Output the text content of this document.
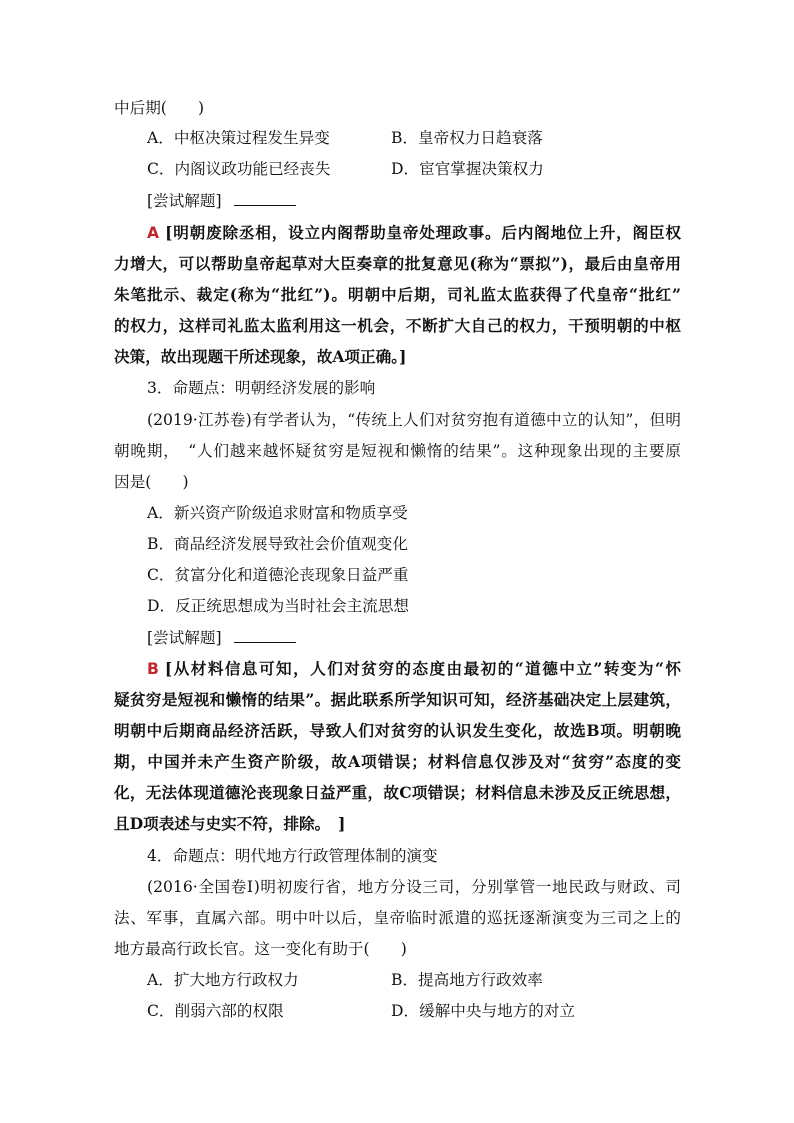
中后期(　　)
A．中枢决策过程发生异变	B．皇帝权力日趋衰落
C．内阁议政功能已经丧失	D．宦官掌握决策权力
[尝试解题]
A [明朝废除丞相，设立内阁帮助皇帝处理政事。后内阁地位上升，阁臣权
力增大，可以帮助皇帝起草对大臣奏章的批复意见(称为“票拟”)，最后由皇帝用
朱笔批示、裁定(称为“批红”)。明朝中后期，司礼监太监获得了代皇帝“批红”
的权力，这样司礼监太监利用这一机会，不断扩大自己的权力，干预明朝的中枢
决策，故出现题干所述现象，故A项正确。]
3．命题点：明朝经济发展的影响
(2019·江苏卷)有学者认为，“传统上人们对贫穷抱有道德中立的认知”，但明
朝晚期，　“人们越来越怀疑贫穷是短视和懒惰的结果”。这种现象出现的主要原
因是(　　)
A．新兴资产阶级追求财富和物质享受
B．商品经济发展导致社会价值观变化
C．贫富分化和道德沦丧现象日益严重
D．反正统思想成为当时社会主流思想
[尝试解题]
B [从材料信息可知，人们对贫穷的态度由最初的“道德中立”转变为“怀
疑贫穷是短视和懒惰的结果”。据此联系所学知识可知，经济基础决定上层建筑，
明朝中后期商品经济活跃，导致人们对贫穷的认识发生变化，故选B项。明朝晚
期，中国并未产生资产阶级，故A项错误；材料信息仅涉及对“贫穷”态度的变
化，无法体现道德沦丧现象日益严重，故C项错误；材料信息未涉及反正统思想，
且D项表述与史实不符，排除。　]
4．命题点：明代地方行政管理体制的演变
(2016·全国卷Ⅰ)明初废行省，地方分设三司，分别掌管一地民政与财政、司
法、军事，直属六部。明中叶以后，皇帝临时派遣的巡抚逐渐演变为三司之上的
地方最高行政长官。这一变化有助于(　　)
A．扩大地方行政权力	B．提高地方行政效率
C．削弱六部的权限	D．缓解中央与地方的对立
